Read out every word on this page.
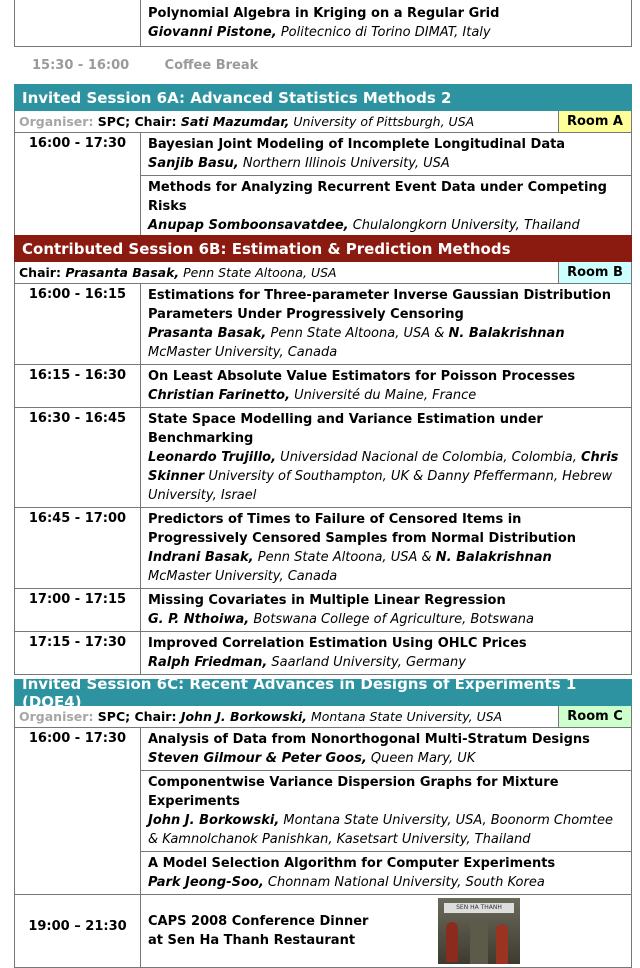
Polynomial Algebra in Kriging on a Regular Grid
Giovanni Pistone, Politecnico di Torino DIMAT, Italy
15:30 - 16:00	Coffee Break
Invited Session 6A: Advanced Statistics Methods 2
Organiser: SPC; Chair: Sati Mazumdar, University of Pittsburgh, USA	Room A
16:00 - 17:30	Bayesian Joint Modeling of Incomplete Longitudinal Data
Sanjib Basu, Northern Illinois University, USA
Methods for Analyzing Recurrent Event Data under Competing Risks
Anupap Somboonsavatdee, Chulalongkorn University, Thailand
Contributed Session 6B: Estimation & Prediction Methods
Chair: Prasanta Basak, Penn State Altoona, USA	Room B
16:00 - 16:15	Estimations for Three-parameter Inverse Gaussian Distribution Parameters Under Progressively Censoring
Prasanta Basak, Penn State Altoona, USA & N. Balakrishnan
McMaster University, Canada
16:15 - 16:30	On Least Absolute Value Estimators for Poisson Processes
Christian Farinetto, Université du Maine, France
16:30 - 16:45	State Space Modelling and Variance Estimation under Benchmarking
Leonardo Trujillo, Universidad Nacional de Colombia, Colombia, Chris Skinner University of Southampton, UK & Danny Pfeffermann, Hebrew University, Israel
16:45 - 17:00	Predictors of Times to Failure of Censored Items in Progressively Censored Samples from Normal Distribution
Indrani Basak, Penn State Altoona, USA & N. Balakrishnan
McMaster University, Canada
17:00 - 17:15	Missing Covariates in Multiple Linear Regression
G. P. Nthoiwa, Botswana College of Agriculture, Botswana
17:15 - 17:30	Improved Correlation Estimation Using OHLC Prices
Ralph Friedman, Saarland University, Germany
Invited Session 6C: Recent Advances in Designs of Experiments 1 (DOE4)
Organiser: SPC; Chair: John J. Borkowski, Montana State University, USA	Room C
16:00 - 17:30	Analysis of Data from Nonorthogonal Multi-Stratum Designs
Steven Gilmour & Peter Goos, Queen Mary, UK
Componentwise Variance Dispersion Graphs for Mixture Experiments
John J. Borkowski, Montana State University, USA, Boonorm Chomtee & Kamnolchanok Panishkan, Kasetsart University, Thailand
A Model Selection Algorithm for Computer Experiments
Park Jeong-Soo, Chonnam National University, South Korea
19:00 – 21:30	CAPS 2008 Conference Dinner
at Sen Ha Thanh Restaurant
SEN HA THANH
